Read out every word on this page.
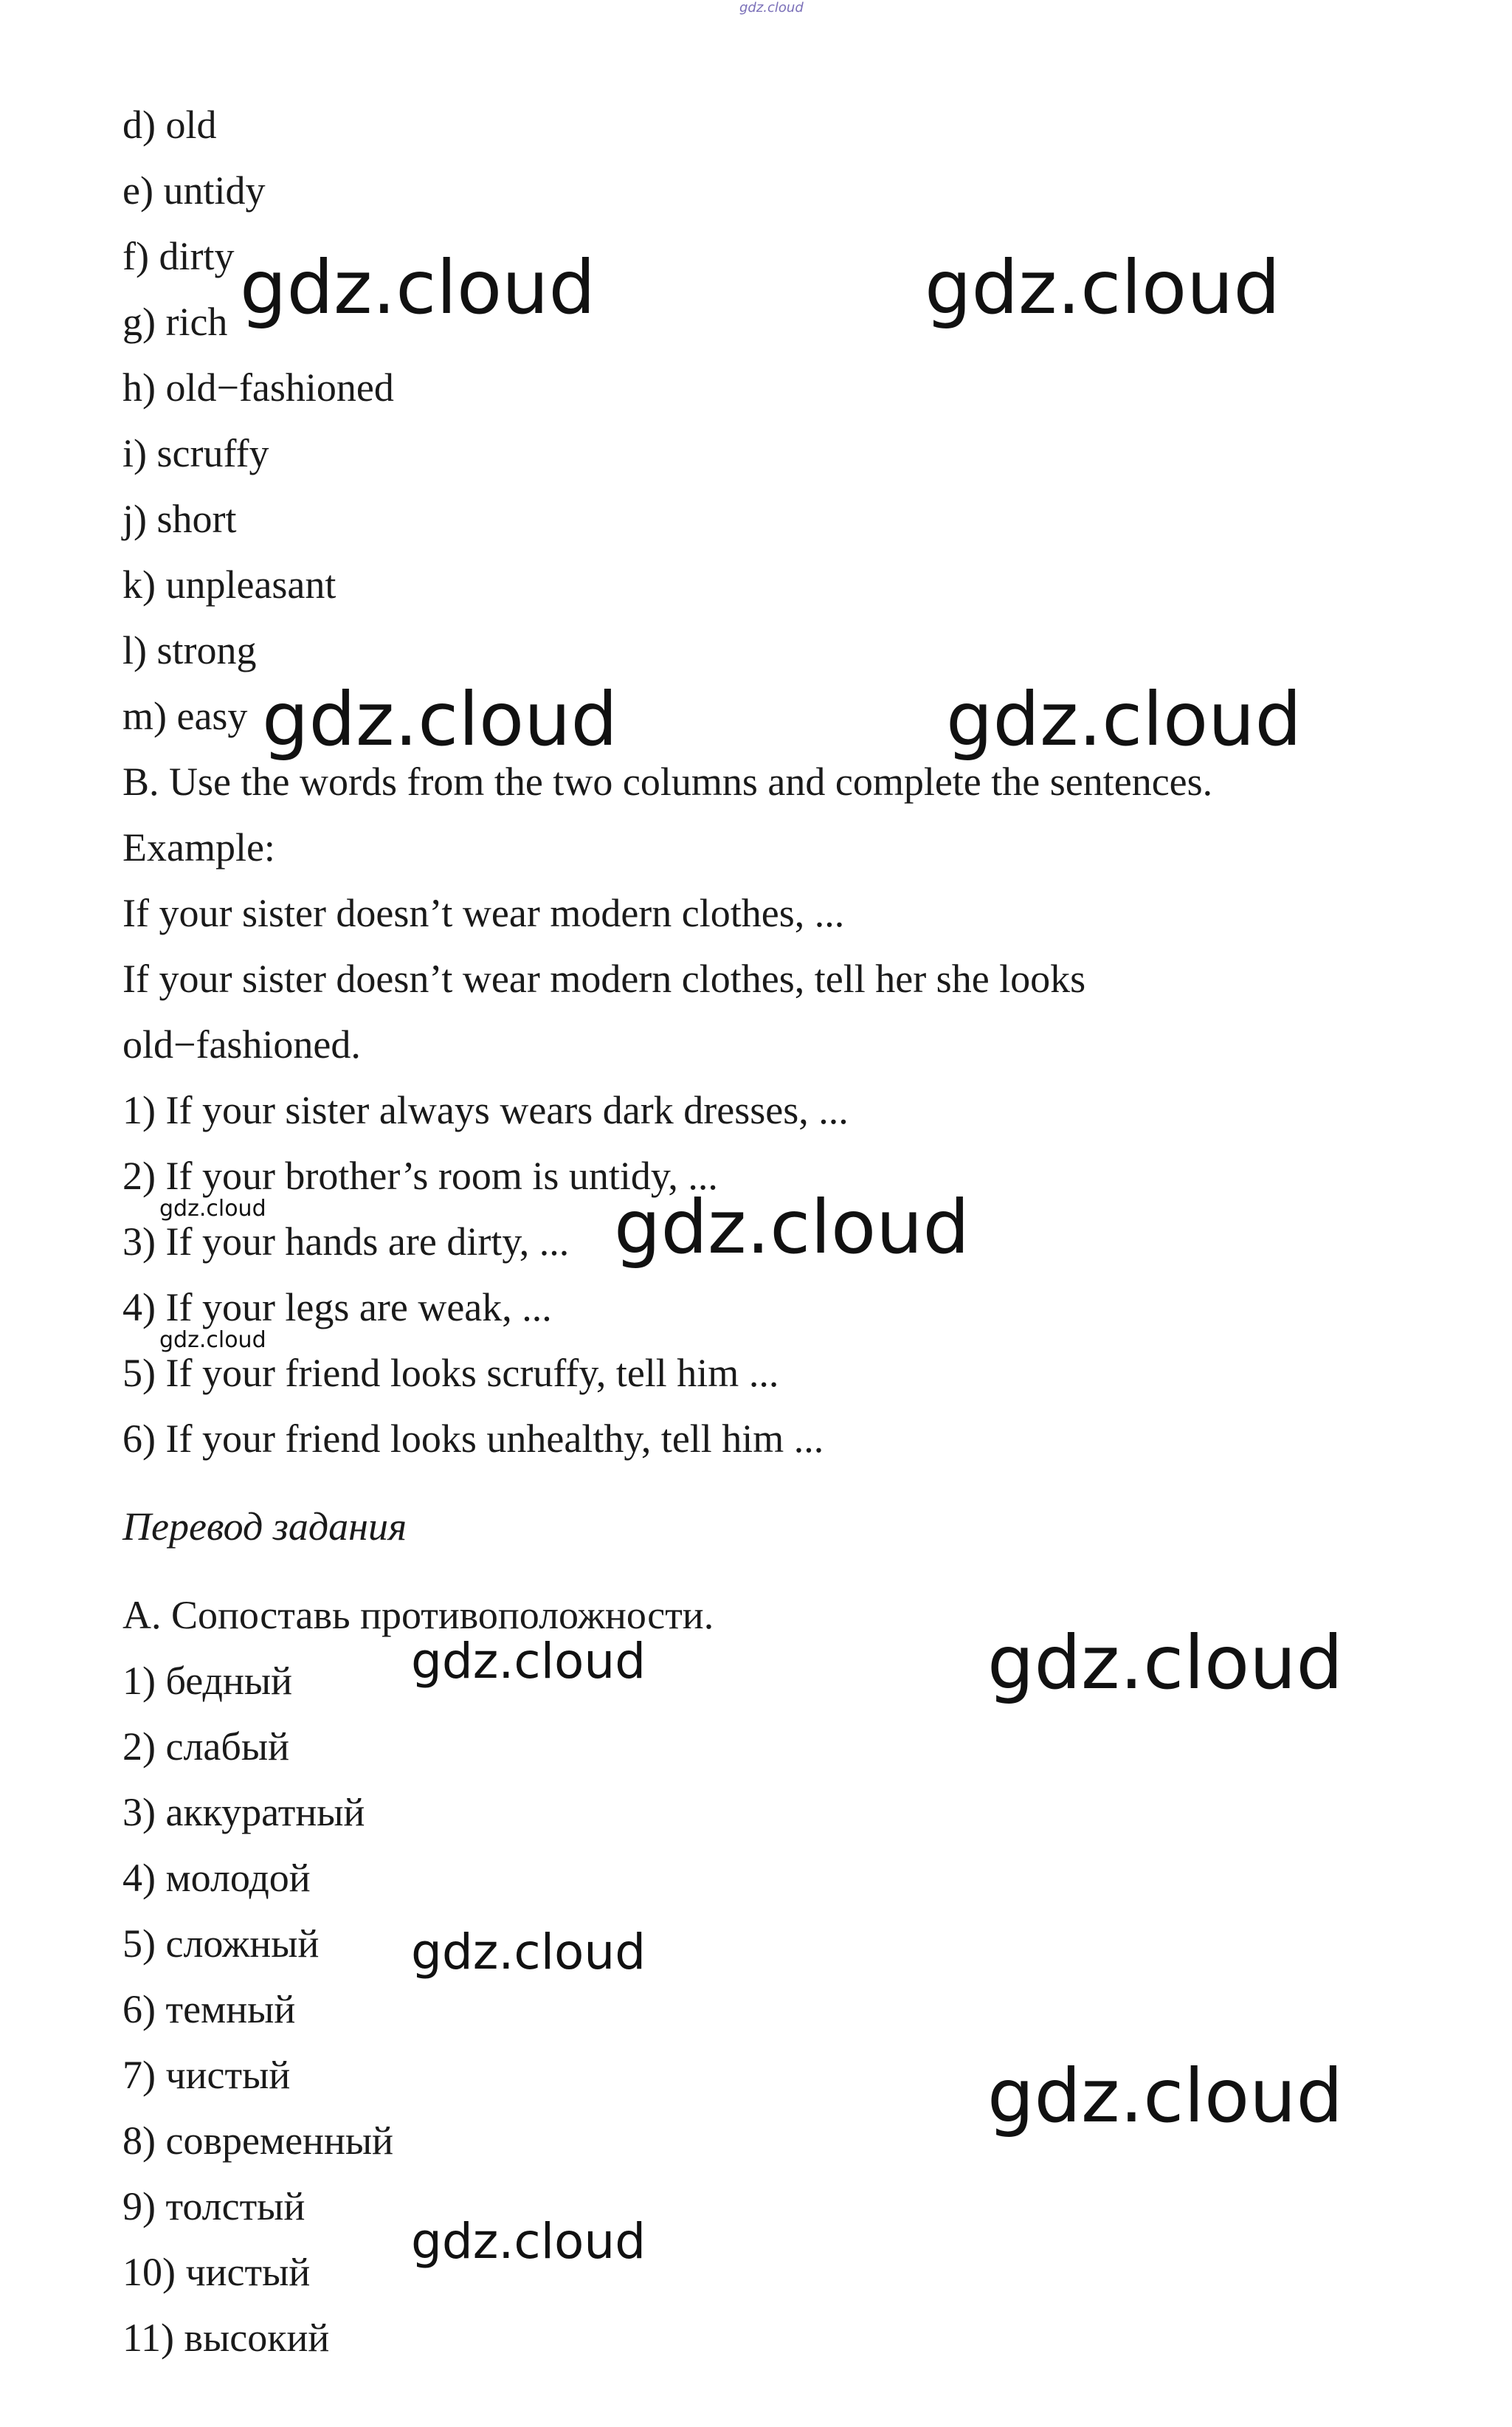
gdz.cloud
d) old
e) untidy
f) dirty
g) rich
h) old−fashioned
i) scruffy
j) short
k) unpleasant
l) strong
m) easy
B. Use the words from the two columns and complete the sentences.
Example:
If your sister doesn’t wear modern clothes, ...
If your sister doesn’t wear modern clothes, tell her she looks
old−fashioned.
1) If your sister always wears dark dresses, ...
2) If your brother’s room is untidy, ...
3) If your hands are dirty, ...
4) If your legs are weak, ...
5) If your friend looks scruffy, tell him ...
6) If your friend looks unhealthy, tell him ...
Перевод задания
А. Сопоставь противоположности.
1) бедный
2) слабый
3) аккуратный
4) молодой
5) сложный
6) темный
7) чистый
8) современный
9) толстый
10) чистый
11) высокий
gdz.cloud	gdz.cloud
gdz.cloud	gdz.cloud
gdz.cloud	gdz.cloud
gdz.cloud
gdz.cloud	gdz.cloud
gdz.cloud
gdz.cloud
gdz.cloud
